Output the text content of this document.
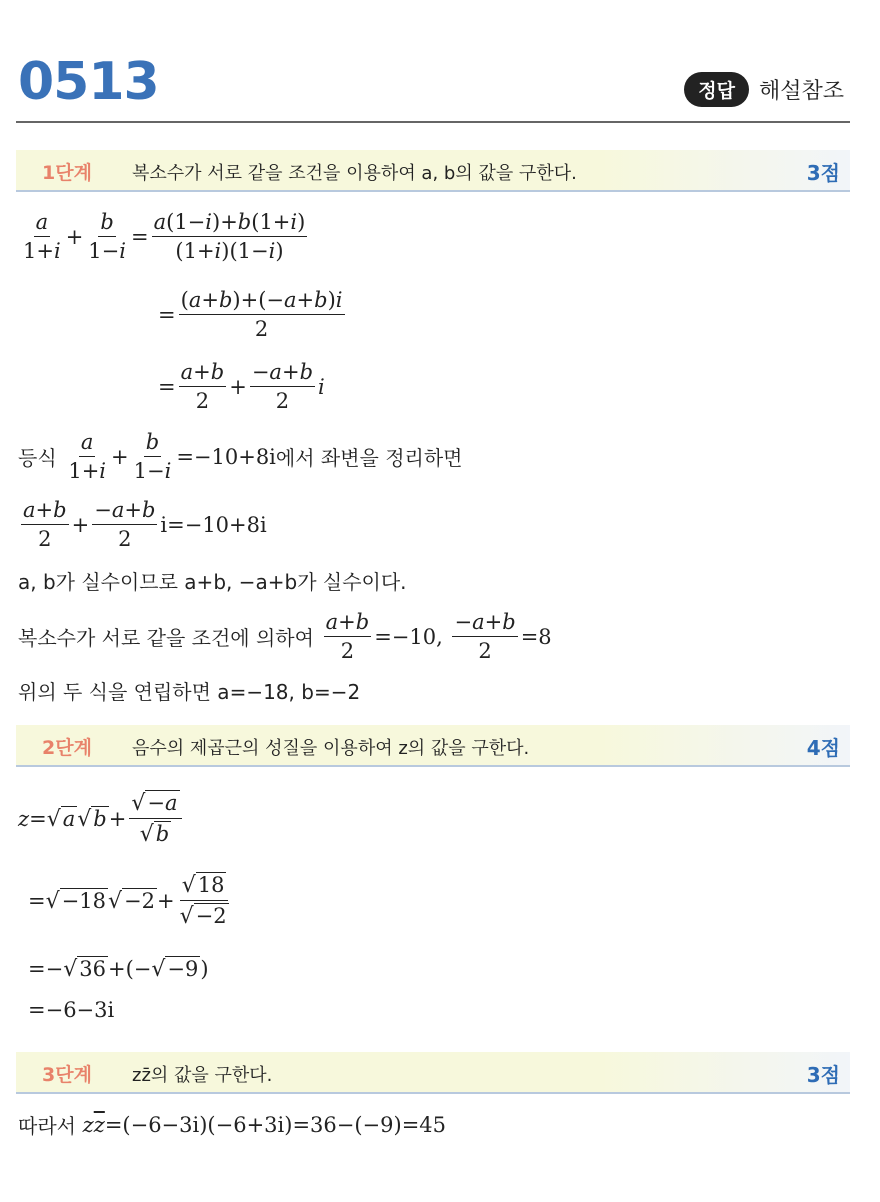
0513	정답	해설참조
1단계 복소수가 서로 같을 조건을 이용하여 a, b의 값을 구한다.	3점
a
1+i
+ $\frac{b}{1-i} = \frac{a(1-i)+b(1+i)}{(1+i)(1-i)}$
= $\frac{(a+b)+(-a+b)i}{2}$
= $\frac{a+b}{2} + \frac{-a+b}{2}$ i
등식

a
1+i
+ $\frac{b}{1-i} =-10+8i$ 에서 좌변을 정리하면
a+b
2
+ $\frac{-a+b}{2} i=-10+8i$
a, b가 실수이므로 a+b, −a+b가 실수이다.
복소수가 서로 같을 조건에 의하여
$\frac{a+b}{2} =-10$,
$\frac{-a+b}{2} =8$
위의 두 식을 연립하면 a=−18, b=−2
2단계 음수의 제곱근의 성질을 이용하여 z의 값을 구한다.	4점
z = √ a √ $b + \frac{√ -a}{√ b}$
= √ −18 √ $-2 + \frac{√ 18}{√ -2}$
=− √ 36 +(− √ −9 )
=−6−3i
3단계 zz̄의 값을 구한다.	3점
따라서
z $\overline{z} =(-6-3i)(-6+3i)=36-(-9)=45$
